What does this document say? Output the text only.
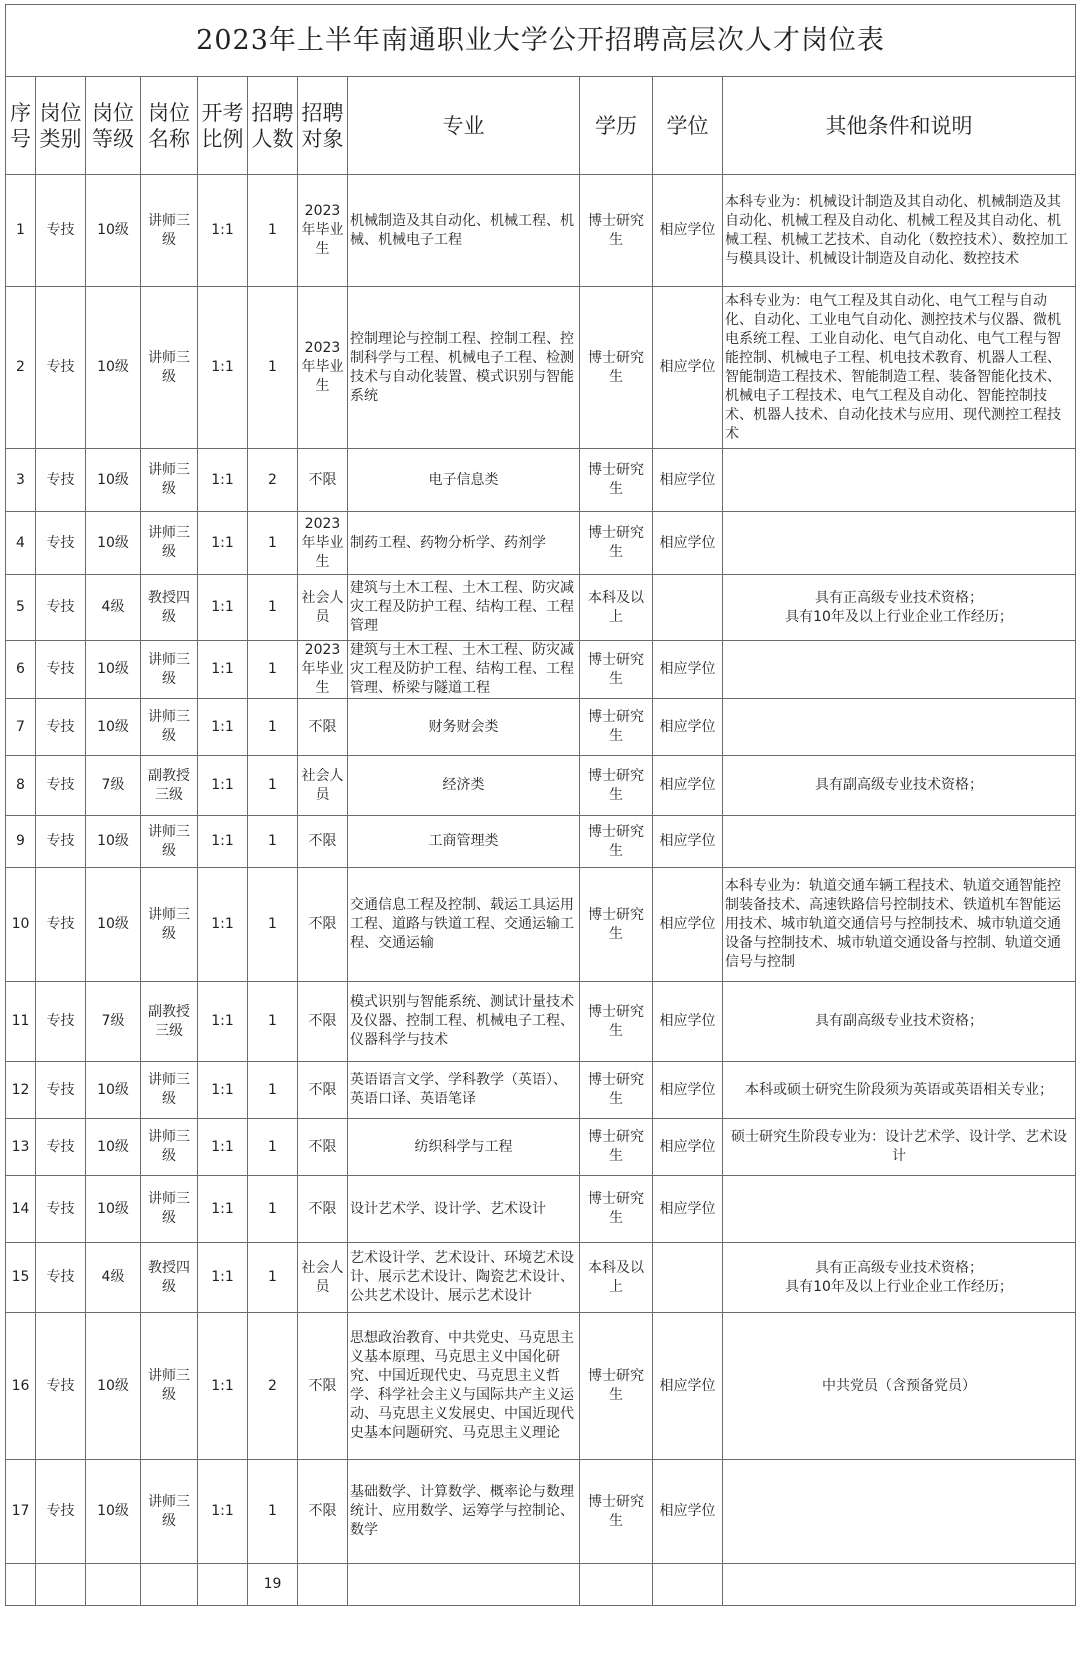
2023年上半年南通职业大学公开招聘高层次人才岗位表										
序号	岗位类别	岗位等级	岗位名称	开考比例	招聘人数	招聘对象	专业	学历	学位	其他条件和说明
1	专技	10级	讲师三级	1:1	1	2023年毕业生	机械制造及其自动化、机械工程、机械、机械电子工程	博士研究生	相应学位	本科专业为：机械设计制造及其自动化、机械制造及其自动化、机械工程及自动化、机械工程及其自动化、机械工程、机械工艺技术、自动化（数控技术）、数控加工与模具设计、机械设计制造及自动化、数控技术
2	专技	10级	讲师三级	1:1	1	2023年毕业生	控制理论与控制工程、控制工程、控制科学与工程、机械电子工程、检测技术与自动化装置、模式识别与智能系统	博士研究生	相应学位	本科专业为：电气工程及其自动化、电气工程与自动化、自动化、工业电气自动化、测控技术与仪器、微机电系统工程、工业自动化、电气自动化、电气工程与智能控制、机械电子工程、机电技术教育、机器人工程、智能制造工程技术、智能制造工程、装备智能化技术、机械电子工程技术、电气工程及自动化、智能控制技术、机器人技术、自动化技术与应用、现代测控工程技术
3	专技	10级	讲师三级	1:1	2	不限	电子信息类	博士研究生	相应学位	
4	专技	10级	讲师三级	1:1	1	2023年毕业生	制药工程、药物分析学、药剂学	博士研究生	相应学位	
5	专技	4级	教授四级	1:1	1	社会人员	建筑与土木工程、土木工程、防灾减灾工程及防护工程、结构工程、工程管理	本科及以上		具有正高级专业技术资格；
具有10年及以上行业企业工作经历；
6	专技	10级	讲师三级	1:1	1	2023年毕业生	建筑与土木工程、土木工程、防灾减灾工程及防护工程、结构工程、工程管理、桥梁与隧道工程	博士研究生	相应学位	
7	专技	10级	讲师三级	1:1	1	不限	财务财会类	博士研究生	相应学位	
8	专技	7级	副教授三级	1:1	1	社会人员	经济类	博士研究生	相应学位	具有副高级专业技术资格；
9	专技	10级	讲师三级	1:1	1	不限	工商管理类	博士研究生	相应学位	
10	专技	10级	讲师三级	1:1	1	不限	交通信息工程及控制、载运工具运用工程、道路与铁道工程、交通运输工程、交通运输	博士研究生	相应学位	本科专业为：轨道交通车辆工程技术、轨道交通智能控制装备技术、高速铁路信号控制技术、铁道机车智能运用技术、城市轨道交通信号与控制技术、城市轨道交通设备与控制技术、城市轨道交通设备与控制、轨道交通信号与控制
11	专技	7级	副教授三级	1:1	1	不限	模式识别与智能系统、测试计量技术及仪器、控制工程、机械电子工程、仪器科学与技术	博士研究生	相应学位	具有副高级专业技术资格；
12	专技	10级	讲师三级	1:1	1	不限	英语语言文学、学科教学（英语）、英语口译、英语笔译	博士研究生	相应学位	本科或硕士研究生阶段须为英语或英语相关专业；
13	专技	10级	讲师三级	1:1	1	不限	纺织科学与工程	博士研究生	相应学位	硕士研究生阶段专业为：设计艺术学、设计学、艺术设计
14	专技	10级	讲师三级	1:1	1	不限	设计艺术学、设计学、艺术设计	博士研究生	相应学位	
15	专技	4级	教授四级	1:1	1	社会人员	艺术设计学、艺术设计、环境艺术设计、展示艺术设计、陶瓷艺术设计、公共艺术设计、展示艺术设计	本科及以上		具有正高级专业技术资格；
具有10年及以上行业企业工作经历；
16	专技	10级	讲师三级	1:1	2	不限	思想政治教育、中共党史、马克思主义基本原理、马克思主义中国化研究、中国近现代史、马克思主义哲学、科学社会主义与国际共产主义运动、马克思主义发展史、中国近现代史基本问题研究、马克思主义理论	博士研究生	相应学位	中共党员（含预备党员）
17	专技	10级	讲师三级	1:1	1	不限	基础数学、计算数学、概率论与数理统计、应用数学、运筹学与控制论、数学	博士研究生	相应学位	
					19					
